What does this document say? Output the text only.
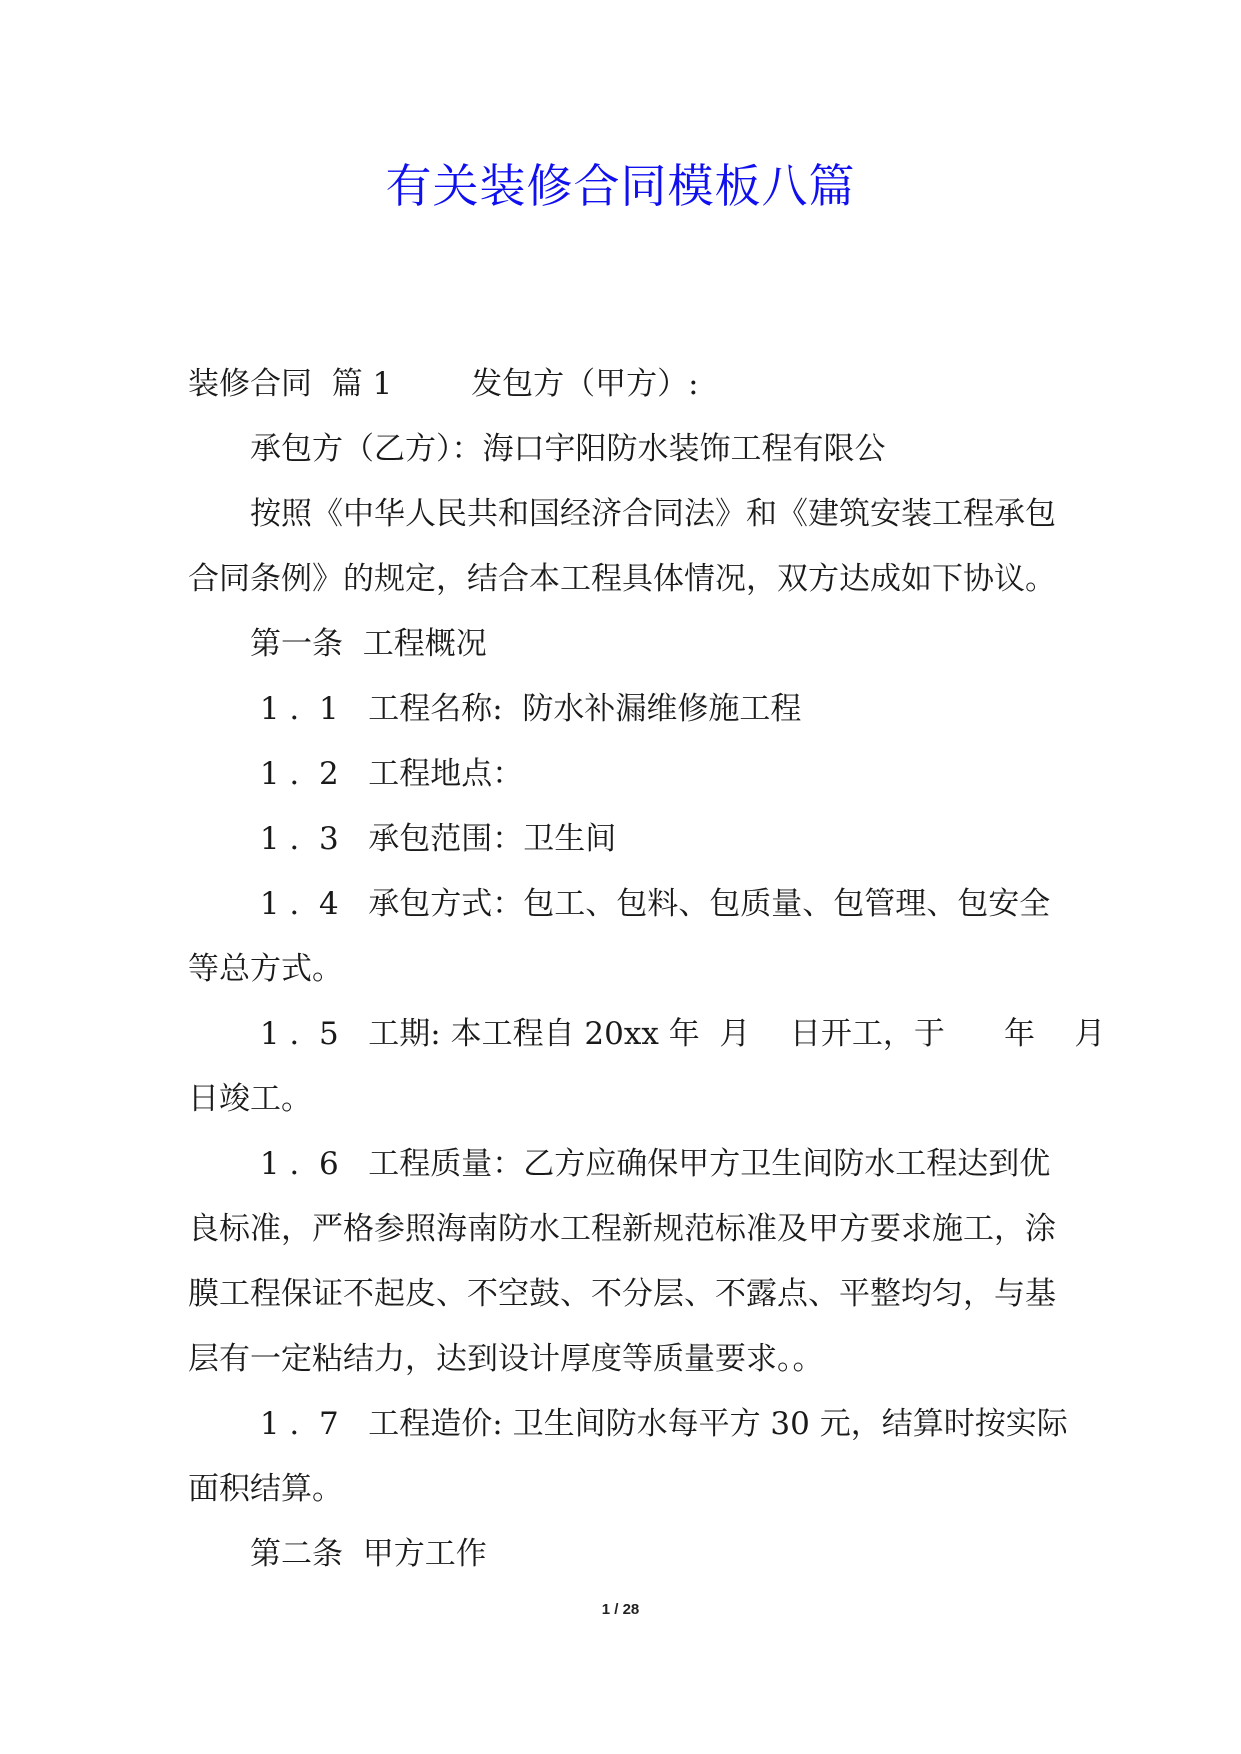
有关装修合同模板八篇

装修合同  篇 1        发包方（甲方）:

承包方（乙方）：海口宇阳防水装饰工程有限公

按照《中华人民共和国经济合同法》和《建筑安装工程承包

合同条例》的规定，结合本工程具体情况，双方达成如下协议。

第一条  工程概况

1 .  1   工程名称:  防水补漏维修施工程

1 .  2   工程地点：

1 .  3   承包范围：卫生间

1 .  4   承包方式：包工、包料、包质量、包管理、包安全

等总方式。

1 .  5   工期: 本工程自 20xx 年  月    日开工，于      年    月

日竣工。

1 .  6   工程质量：乙方应确保甲方卫生间防水工程达到优

良标准，严格参照海南防水工程新规范标准及甲方要求施工，涂

膜工程保证不起皮、不空鼓、不分层、不露点、平整均匀，与基

层有一定粘结力，达到设计厚度等质量要求。。

1 .  7   工程造价: 卫生间防水每平方 30 元，结算时按实际

面积结算。

第二条  甲方工作

1 / 28
